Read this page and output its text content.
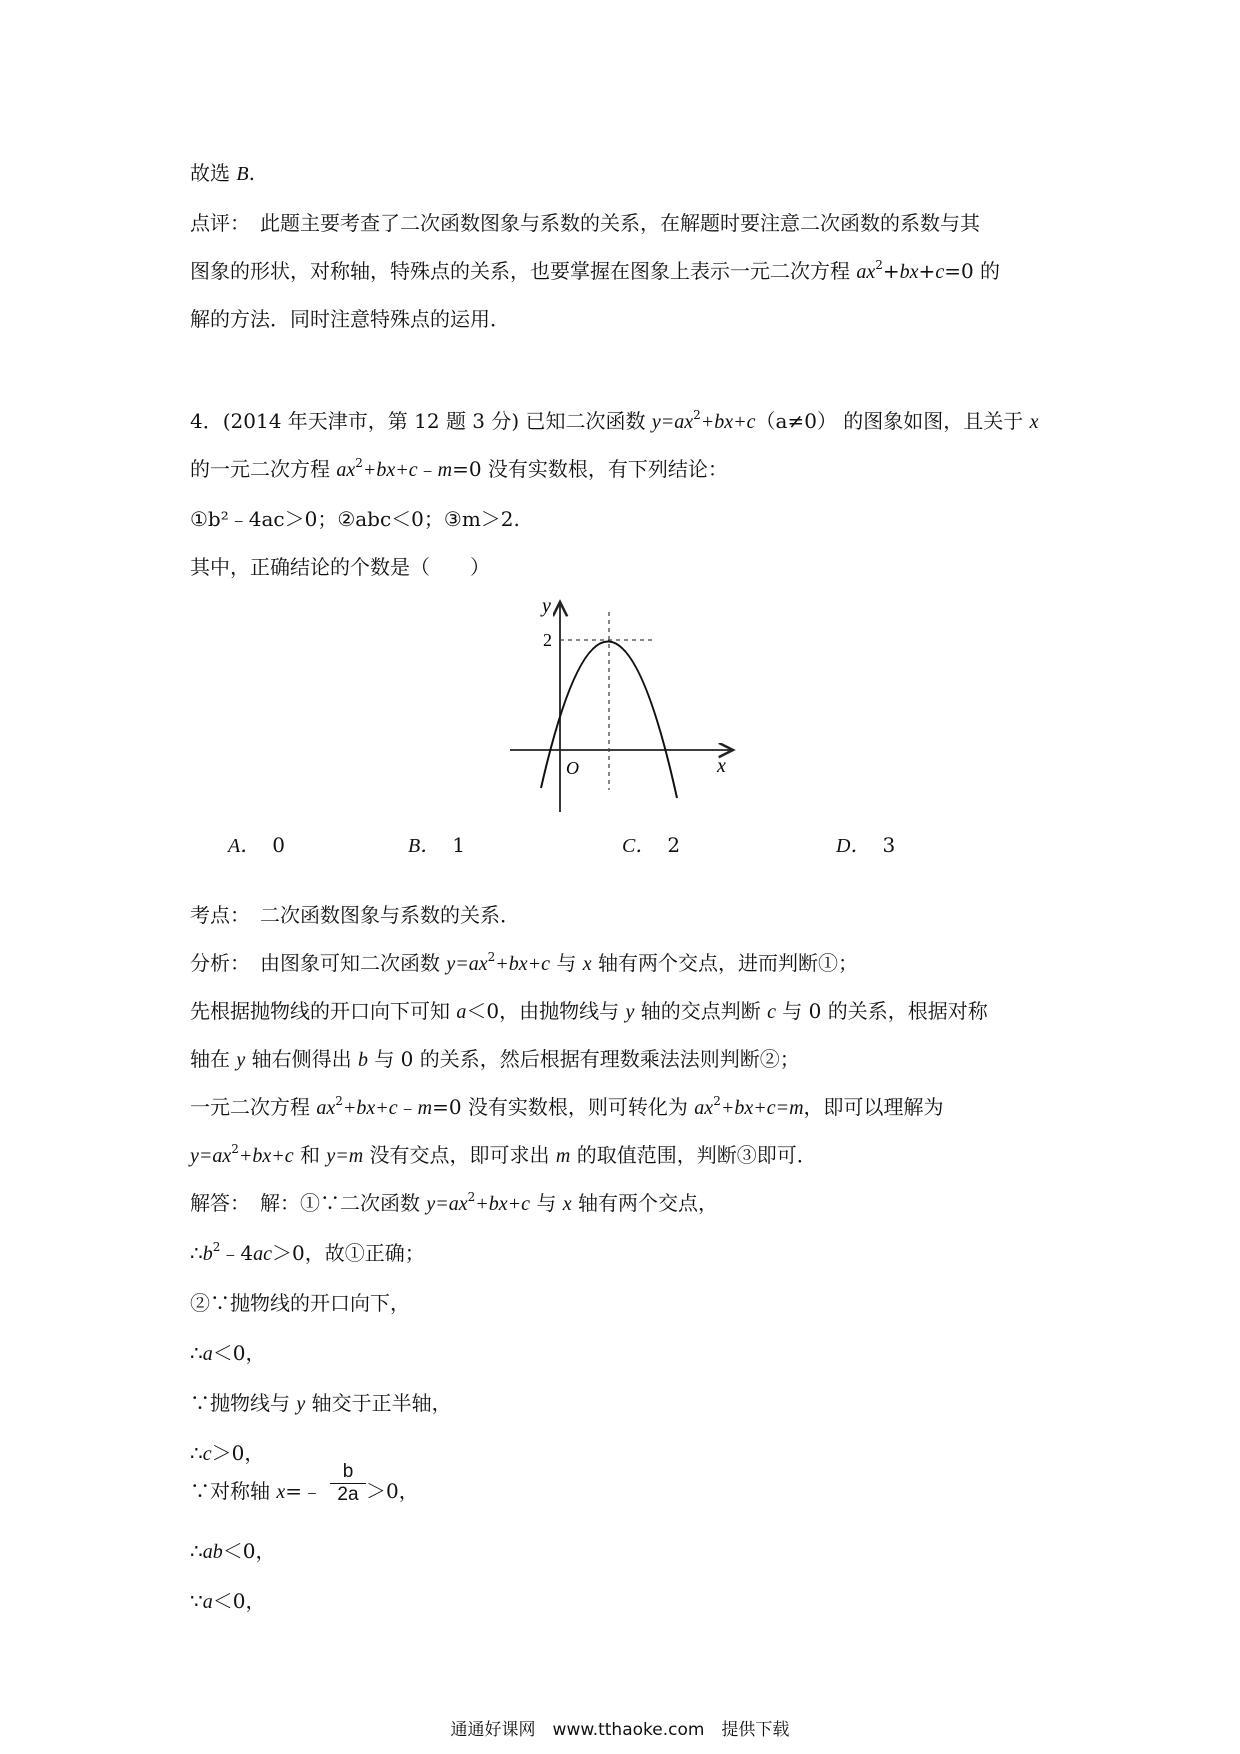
故选 B.
点评：　此题主要考查了二次函数图象与系数的关系，在解题时要注意二次函数的系数与其
图象的形状，对称轴，特殊点的关系，也要掌握在图象上表示一元二次方程 $ax^2+bx+c=0$ 的
解的方法．同时注意特殊点的运用．
4．(2014 年天津市，第 12 题 3 分) 已知二次函数 $y=ax^2+bx+c(a\ne 0)$ 的图象如图，且关于 x
的一元二次方程 $ax^2+bx+c﹣m=0$ 没有实数根，有下列结论：
①b²﹣4ac＞0；②abc＜0；③m＞2.
其中，正确结论的个数是（　　）
y
x
O
2
A． 0	B． 1	C． 2	D． 3
考点：　二次函数图象与系数的关系．
分析：　由图象可知二次函数 $y=ax^2+bx+c$ 与 x 轴有两个交点，进而判断①；
先根据抛物线的开口向下可知 a＜0，由抛物线与 y 轴的交点判断 c 与 0 的关系，根据对称
轴在 y 轴右侧得出 b 与 0 的关系，然后根据有理数乘法法则判断②；
一元二次方程 $ax^2+bx+c﹣m=0$ 没有实数根，则可转化为 $ax^2+bx+c=m$，即可以理解为
$y=ax^2+bx+c$ 和 y=m 没有交点，即可求出 m 的取值范围，判断③即可．
解答：　解：①∵二次函数 $y=ax^2+bx+c$ 与 x 轴有两个交点，
$\therefore b^2﹣4ac>0$，故①正确；
②∵抛物线的开口向下，
∴a＜0，
∵抛物线与 y 轴交于正半轴，
∴c＞0，
∵对称轴 x=﹣ ＞0，
$\frac{b}{2a}$
∴ab＜0，
∵a＜0，
通通好课网　www.tthaoke.com　提供下载
